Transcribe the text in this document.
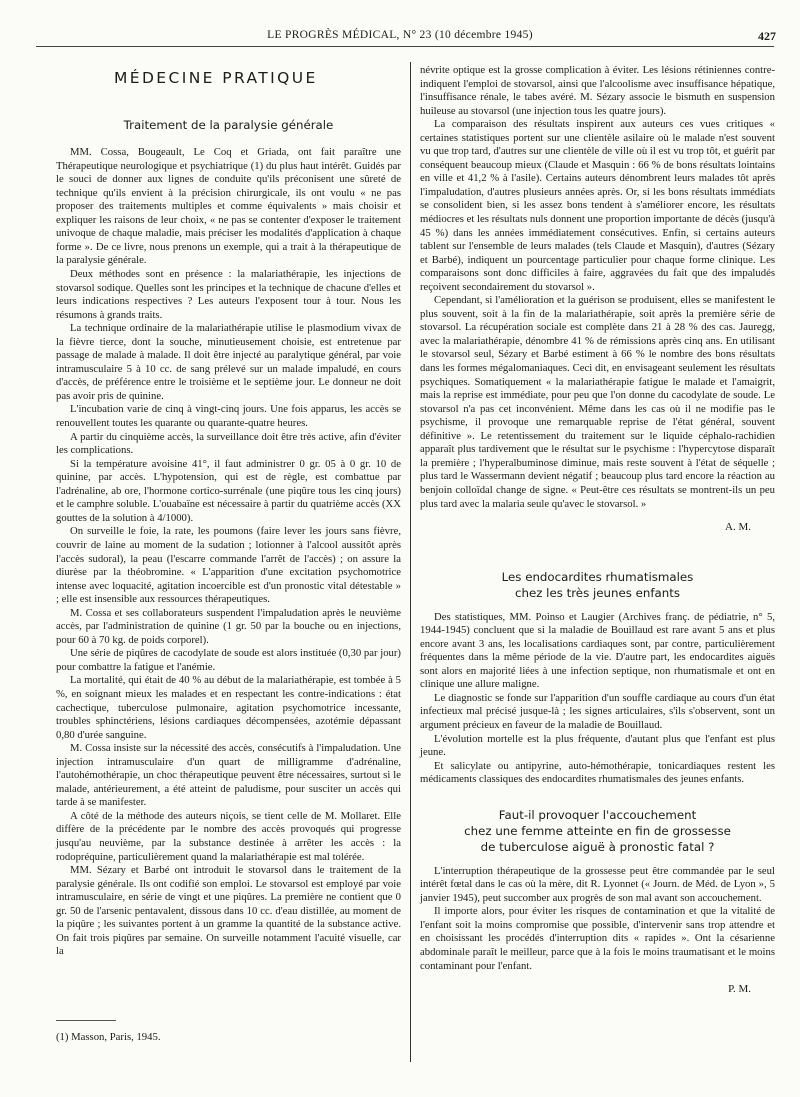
LE PROGRÈS MÉDICAL, N° 23 (10 décembre 1945)	427
MÉDECINE PRATIQUE
Traitement de la paralysie générale

MM. Cossa, Bougeault, Le Coq et Griada, ont fait paraître une Thérapeutique neurologique et psychiatrique (1) du plus haut intérêt. Guidés par le souci de donner aux lignes de conduite qu'ils préconisent une sûreté de technique qu'ils envient à la précision chirurgicale, ils ont voulu « ne pas proposer des traitements multiples et comme équivalents » mais choisir et expliquer les raisons de leur choix, « ne pas se contenter d'exposer le traitement univoque de chaque maladie, mais préciser les modalités d'application à chaque forme ». De ce livre, nous prenons un exemple, qui a trait à la thérapeutique de la paralysie générale.

Deux méthodes sont en présence : la malariathérapie, les injections de stovarsol sodique. Quelles sont les principes et la technique de chacune d'elles et leurs indications respectives ? Les auteurs l'exposent tour à tour. Nous les résumons à grands traits.

La technique ordinaire de la malariathérapie utilise le plasmodium vivax de la fièvre tierce, dont la souche, minutieusement choisie, est entretenue par passage de malade à malade. Il doit être injecté au paralytique général, par voie intramusculaire 5 à 10 cc. de sang prélevé sur un malade impaludé, en cours d'accès, de préférence entre le troisième et le septième jour. Le donneur ne doit pas avoir pris de quinine.

L'incubation varie de cinq à vingt-cinq jours. Une fois apparus, les accès se renouvellent toutes les quarante ou quarante-quatre heures.

A partir du cinquième accès, la surveillance doit être très active, afin d'éviter les complications.

Si la température avoisine 41°, il faut administrer 0 gr. 05 à 0 gr. 10 de quinine, par accès. L'hypotension, qui est de règle, est combattue par l'adrénaline, ab ore, l'hormone cortico-surrénale (une piqûre tous les cinq jours) et le camphre soluble. L'ouabaïne est nécessaire à partir du quatrième accès (XX gouttes de la solution à 4/1000).

On surveille le foie, la rate, les poumons (faire lever les jours sans fièvre, couvrir de laine au moment de la sudation ; lotionner à l'alcool aussitôt après l'accès sudoral), la peau (l'escarre commande l'arrêt de l'accès) ; on assure la diurèse par la théobromine. « L'apparition d'une excitation psychomotrice intense avec loquacité, agitation incoercible est d'un pronostic vital détestable » ; elle est insensible aux ressources thérapeutiques.

M. Cossa et ses collaborateurs suspendent l'impaludation après le neuvième accès, par l'administration de quinine (1 gr. 50 par la bouche ou en injections, pour 60 à 70 kg. de poids corporel).

Une série de piqûres de cacodylate de soude est alors instituée (0,30 par jour) pour combattre la fatigue et l'anémie.

La mortalité, qui était de 40 % au début de la malariathérapie, est tombée à 5 %, en soignant mieux les malades et en respectant les contre-indications : état cachectique, tuberculose pulmonaire, agitation psychomotrice incessante, troubles sphinctériens, lésions cardiaques décompensées, azotémie dépassant 0,80 d'urée sanguine.

M. Cossa insiste sur la nécessité des accès, consécutifs à l'impaludation. Une injection intramusculaire d'un quart de milligramme d'adrénaline, l'autohémothérapie, un choc thérapeutique peuvent être nécessaires, surtout si le malade, antérieurement, a été atteint de paludisme, pour susciter un accès qui tarde à se manifester.

A côté de la méthode des auteurs niçois, se tient celle de M. Mollaret. Elle diffère de la précédente par le nombre des accès provoqués qui progresse jusqu'au neuvième, par la substance destinée à arrêter les accès : la rodopréquine, particulièrement quand la malariathérapie est mal tolérée.

MM. Sézary et Barbé ont introduit le stovarsol dans le traitement de la paralysie générale. Ils ont codifié son emploi. Le stovarsol est employé par voie intramusculaire, en série de vingt et une piqûres. La première ne contient que 0 gr. 50 de l'arsenic pentavalent, dissous dans 10 cc. d'eau distillée, au moment de la piqûre ; les suivantes portent à un gramme la quantité de la substance active. On fait trois piqûres par semaine. On surveille notamment l'acuité visuelle, car la

névrite optique est la grosse complication à éviter. Les lésions rétiniennes contre-indiquent l'emploi de stovarsol, ainsi que l'alcoolisme avec insuffisance hépatique, l'insuffisance rénale, le tabes avéré. M. Sézary associe le bismuth en suspension huileuse au stovarsol (une injection tous les quatre jours).

La comparaison des résultats inspirent aux auteurs ces vues critiques « certaines statistiques portent sur une clientèle asilaire où le malade n'est souvent vu que trop tard, d'autres sur une clientèle de ville où il est vu trop tôt, et guérit par conséquent beaucoup mieux (Claude et Masquin : 66 % de bons résultats lointains en ville et 41,2 % à l'asile). Certains auteurs dénombrent leurs malades tôt après l'impaludation, d'autres plusieurs années après. Or, si les bons résultats immédiats se consolident bien, si les assez bons tendent à s'améliorer encore, les résultats médiocres et les résultats nuls donnent une proportion importante de décès (jusqu'à 45 %) dans les années immédiatement consécutives. Enfin, si certains auteurs tablent sur l'ensemble de leurs malades (tels Claude et Masquin), d'autres (Sézary et Barbé), indiquent un pourcentage particulier pour chaque forme clinique. Les comparaisons sont donc difficiles à faire, aggravées du fait que des impaludés reçoivent secondairement du stovarsol ».

Cependant, si l'amélioration et la guérison se produisent, elles se manifestent le plus souvent, soit à la fin de la malariathérapie, soit après la première série de stovarsol. La récupération sociale est complète dans 21 à 28 % des cas. Jauregg, avec la malariathérapie, dénombre 41 % de rémissions après cinq ans. En utilisant le stovarsol seul, Sézary et Barbé estiment à 66 % le nombre des bons résultats dans les formes mégalomaniaques. Ceci dit, en envisageant seulement les résultats psychiques. Somatiquement « la malariathérapie fatigue le malade et l'amaigrit, mais la reprise est immédiate, pour peu que l'on donne du cacodylate de soude. Le stovarsol n'a pas cet inconvénient. Même dans les cas où il ne modifie pas le psychisme, il provoque une remarquable reprise de l'état général, souvent définitive ». Le retentissement du traitement sur le liquide céphalo-rachidien apparaît plus tardivement que le résultat sur le psychisme : l'hypercytose disparaît la première ; l'hyperalbuminose diminue, mais reste souvent à l'état de séquelle ; plus tard le Wassermann devient négatif ; beaucoup plus tard encore la réaction au benjoin colloïdal change de signe. « Peut-être ces résultats se montrent-ils un peu plus tard avec la malaria seule qu'avec le stovarsol. »

A. M.
Les endocardites rhumatismales
chez les très jeunes enfants

Des statistiques, MM. Poinso et Laugier (Archives franç. de pédiatrie, n° 5, 1944-1945) concluent que si la maladie de Bouillaud est rare avant 5 ans et plus encore avant 3 ans, les localisations cardiaques sont, par contre, particulièrement fréquentes dans la même période de la vie. D'autre part, les endocardites aiguës sont alors en majorité liées à une infection septique, non rhumatismale et ont en clinique une allure maligne.

Le diagnostic se fonde sur l'apparition d'un souffle cardiaque au cours d'un état infectieux mal précisé jusque-là ; les signes articulaires, s'ils s'observent, sont un argument précieux en faveur de la maladie de Bouillaud.

L'évolution mortelle est la plus fréquente, d'autant plus que l'enfant est plus jeune.

Et salicylate ou antipyrine, auto-hémothérapie, tonicardiaques restent les médicaments classiques des endocardites rhumatismales des jeunes enfants.

Faut-il provoquer l'accouchement
chez une femme atteinte en fin de grossesse
de tuberculose aiguë à pronostic fatal ?

L'interruption thérapeutique de la grossesse peut être commandée par le seul intérêt fœtal dans le cas où la mère, dit R. Lyonnet (« Journ. de Méd. de Lyon », 5 janvier 1945), peut succomber aux progrès de son mal avant son accouchement.

Il importe alors, pour éviter les risques de contamination et que la vitalité de l'enfant soit la moins compromise que possible, d'intervenir sans trop attendre et en choisissant les procédés d'interruption dits « rapides ». Ont la césarienne abdominale paraît le meilleur, parce que à la fois le moins traumatisant et le moins contaminant pour l'enfant.

P. M.
(1) Masson, Paris, 1945.
